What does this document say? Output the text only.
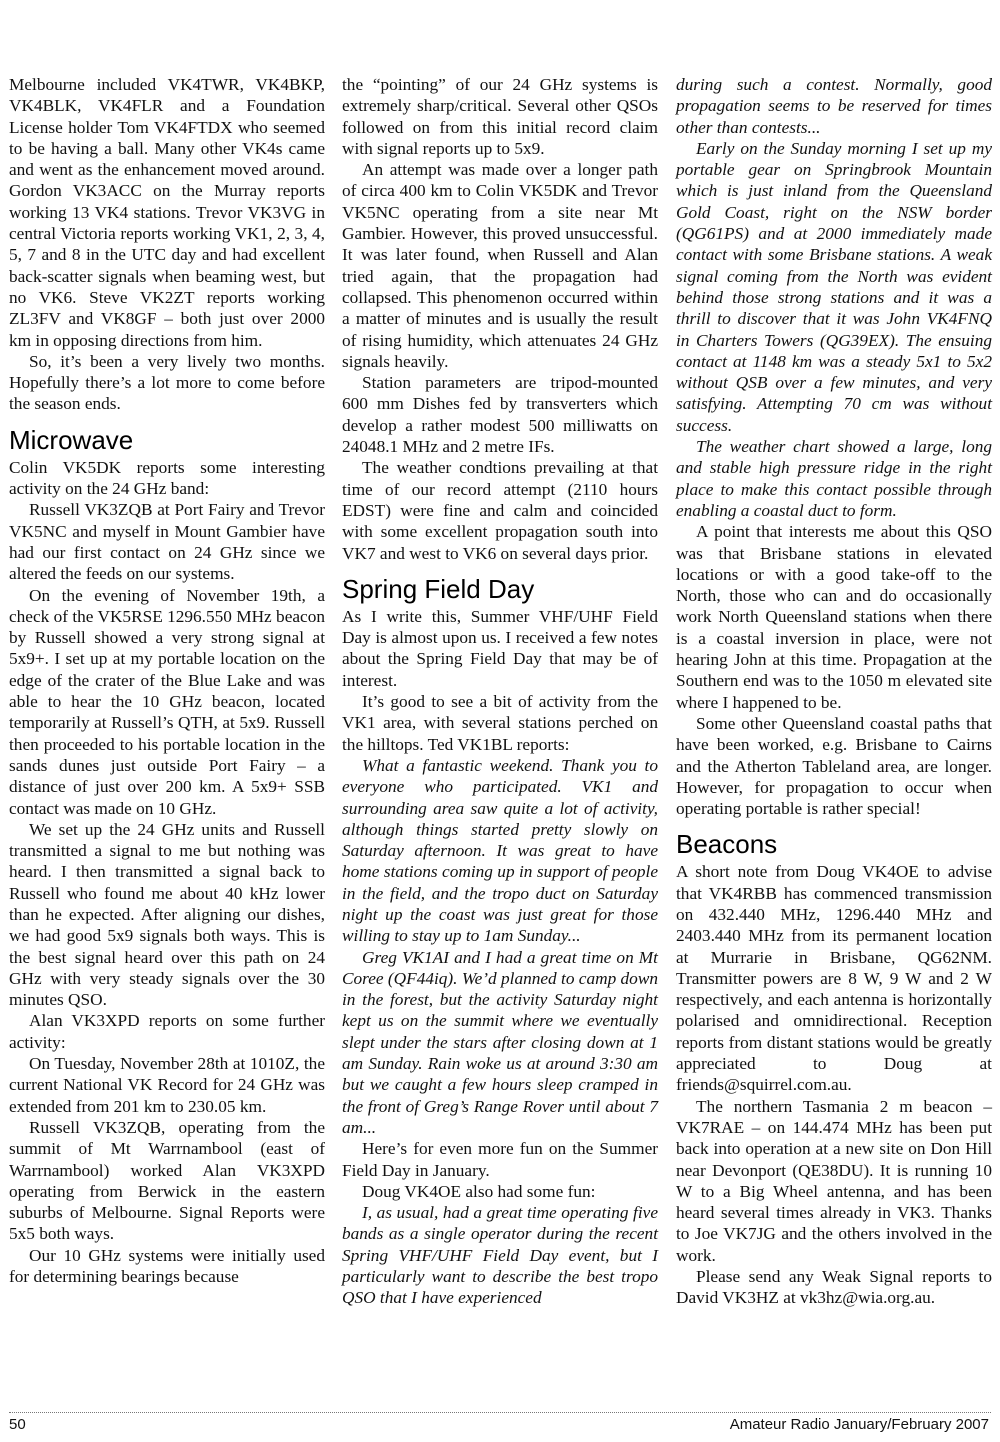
Melbourne included VK4TWR, VK4BKP, VK4BLK, VK4FLR and a Foundation License holder Tom VK4FTDX who seemed to be having a ball. Many other VK4s came and went as the enhancement moved around. Gordon VK3ACC on the Murray reports working 13 VK4 stations. Trevor VK3VG in central Victoria reports working VK1, 2, 3, 4, 5, 7 and 8 in the UTC day and had excellent back-scatter signals when beaming west, but no VK6. Steve VK2ZT reports working ZL3FV and VK8GF – both just over 2000 km in opposing directions from him.

So, it’s been a very lively two months. Hopefully there’s a lot more to come before the season ends.

Microwave

Colin VK5DK reports some interesting activity on the 24 GHz band:

Russell VK3ZQB at Port Fairy and Trevor VK5NC and myself in Mount Gambier have had our first contact on 24 GHz since we altered the feeds on our systems.

On the evening of November 19th, a check of the VK5RSE 1296.550 MHz beacon by Russell showed a very strong signal at 5x9+. I set up at my portable location on the edge of the crater of the Blue Lake and was able to hear the 10 GHz beacon, located temporarily at Russell’s QTH, at 5x9. Russell then proceeded to his portable location in the sands dunes just outside Port Fairy – a distance of just over 200 km. A 5x9+ SSB contact was made on 10 GHz.

We set up the 24 GHz units and Russell transmitted a signal to me but nothing was heard. I then transmitted a signal back to Russell who found me about 40 kHz lower than he expected. After aligning our dishes, we had good 5x9 signals both ways. This is the best signal heard over this path on 24 GHz with very steady signals over the 30 minutes QSO.

Alan VK3XPD reports on some further activity:

On Tuesday, November 28th at 1010Z, the current National VK Record for 24 GHz was extended from 201 km to 230.05 km.

Russell VK3ZQB, operating from the summit of Mt Warrnambool (east of Warrnambool) worked Alan VK3XPD operating from Berwick in the eastern suburbs of Melbourne. Signal Reports were 5x5 both ways.

Our 10 GHz systems were initially used for determining bearings because

the “pointing” of our 24 GHz systems is extremely sharp/critical. Several other QSOs followed on from this initial record claim with signal reports up to 5x9.

An attempt was made over a longer path of circa 400 km to Colin VK5DK and Trevor VK5NC operating from a site near Mt Gambier. However, this proved unsuccessful. It was later found, when Russell and Alan tried again, that the propagation had collapsed. This phenomenon occurred within a matter of minutes and is usually the result of rising humidity, which attenuates 24 GHz signals heavily.

Station parameters are tripod-mounted 600 mm Dishes fed by transverters which develop a rather modest 500 milliwatts on 24048.1 MHz and 2 metre IFs.

The weather condtions prevailing at that time of our record attempt (2110 hours EDST) were fine and calm and coincided with some excellent propagation south into VK7 and west to VK6 on several days prior.

Spring Field Day

As I write this, Summer VHF/UHF Field Day is almost upon us. I received a few notes about the Spring Field Day that may be of interest.

It’s good to see a bit of activity from the VK1 area, with several stations perched on the hilltops. Ted VK1BL reports:

What a fantastic weekend. Thank you to everyone who participated. VK1 and surrounding area saw quite a lot of activity, although things started pretty slowly on Saturday afternoon. It was great to have home stations coming up in support of people in the field, and the tropo duct on Saturday night up the coast was just great for those willing to stay up to 1am Sunday...

Greg VK1AI and I had a great time on Mt Coree (QF44iq). We’d planned to camp down in the forest, but the activity Saturday night kept us on the summit where we eventually slept under the stars after closing down at 1 am Sunday. Rain woke us at around 3:30 am but we caught a few hours sleep cramped in the front of Greg’s Range Rover until about 7 am...

Here’s for even more fun on the Summer Field Day in January.

Doug VK4OE also had some fun:

I, as usual, had a great time operating five bands as a single operator during the recent Spring VHF/UHF Field Day event, but I particularly want to describe the best tropo QSO that I have experienced

during such a contest. Normally, good propagation seems to be reserved for times other than contests...

Early on the Sunday morning I set up my portable gear on Springbrook Mountain which is just inland from the Queensland Gold Coast, right on the NSW border (QG61PS) and at 2000 immediately made contact with some Brisbane stations. A weak signal coming from the North was evident behind those strong stations and it was a thrill to discover that it was John VK4FNQ in Charters Towers (QG39EX). The ensuing contact at 1148 km was a steady 5x1 to 5x2 without QSB over a few minutes, and very satisfying. Attempting 70 cm was without success.

The weather chart showed a large, long and stable high pressure ridge in the right place to make this contact possible through enabling a coastal duct to form.

A point that interests me about this QSO was that Brisbane stations in elevated locations or with a good take-off to the North, those who can and do occasionally work North Queensland stations when there is a coastal inversion in place, were not hearing John at this time. Propagation at the Southern end was to the 1050 m elevated site where I happened to be.

Some other Queensland coastal paths that have been worked, e.g. Brisbane to Cairns and the Atherton Tableland area, are longer. However, for propagation to occur when operating portable is rather special!

Beacons

A short note from Doug VK4OE to advise that VK4RBB has commenced transmission on 432.440 MHz, 1296.440 MHz and 2403.440 MHz from its permanent location at Murrarie in Brisbane, QG62NM. Transmitter powers are 8 W, 9 W and 2 W respectively, and each antenna is horizontally polarised and omnidirectional. Reception reports from distant stations would be greatly appreciated to Doug at friends@squirrel.com.au.

The northern Tasmania 2 m beacon – VK7RAE – on 144.474 MHz has been put back into operation at a new site on Don Hill near Devonport (QE38DU). It is running 10 W to a Big Wheel antenna, and has been heard several times already in VK3. Thanks to Joe VK7JG and the others involved in the work.

Please send any Weak Signal reports to David VK3HZ at vk3hz@wia.org.au.

50	Amateur Radio January/February 2007
